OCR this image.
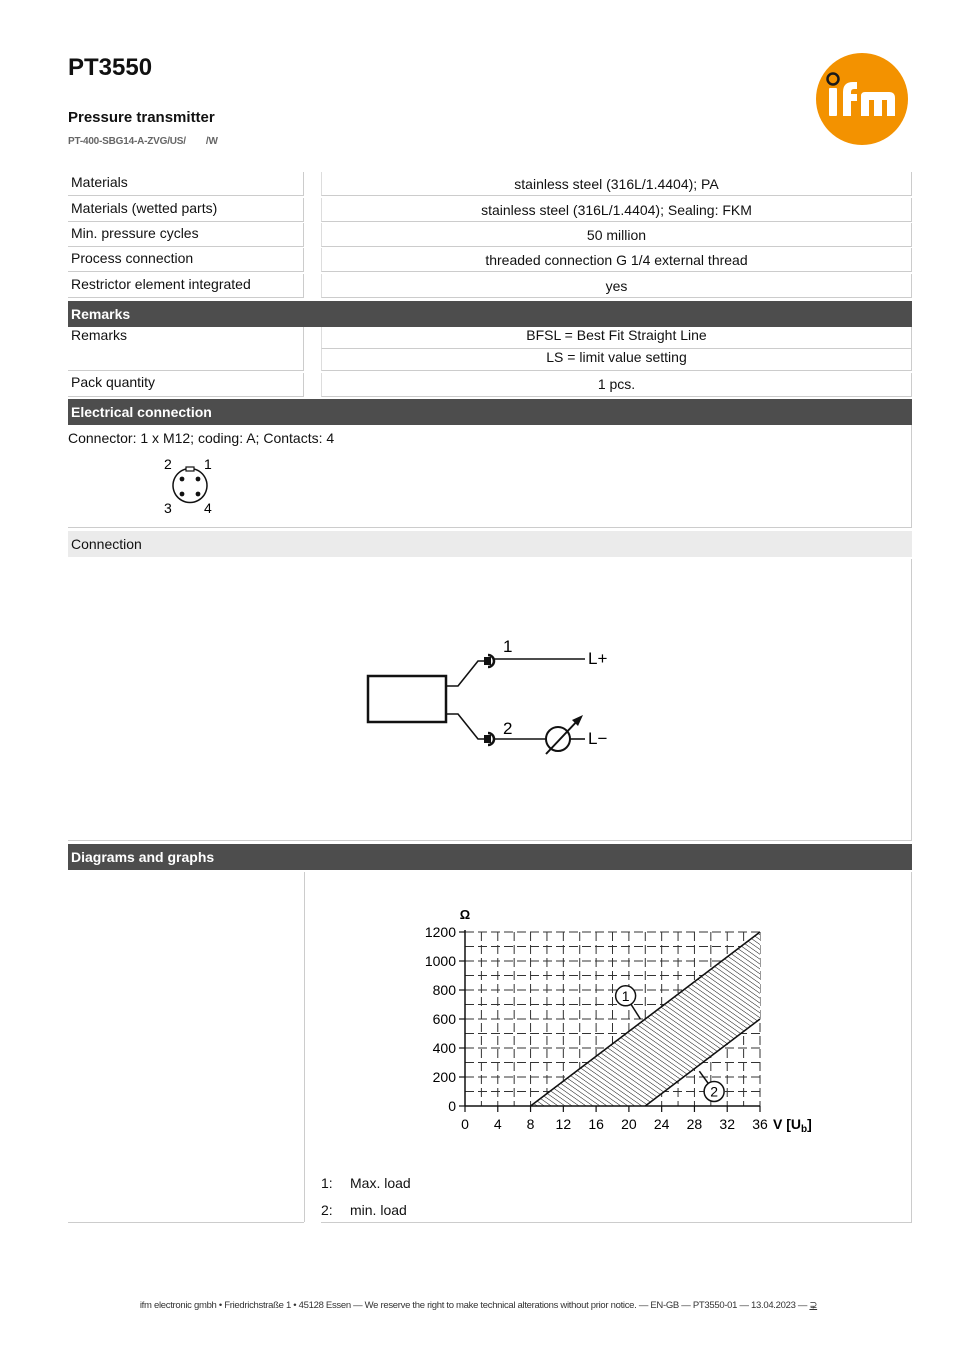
PT3550
Pressure transmitter
PT-400-SBG14-A-ZVG/US/ /W
Materials	stainless steel (316L/1.4404); PA
Materials (wetted parts)	stainless steel (316L/1.4404); Sealing: FKM
Min. pressure cycles	50 million
Process connection	threaded connection G 1/4 external thread
Restrictor element integrated	yes
Remarks
Remarks	BFSL = Best Fit Straight Line
LS = limit value setting
Pack quantity	1 pcs.
Electrical connection
Connector: 1 x M12; coding: A; Contacts: 4
2 1
3 4
Connection
1
2
L+
L−
Diagrams and graphs
0 4 8 12 16 20 24 28 32 36
0
200
400
600
800
1000
1200
Ω
V $[U_b]$
1
2
1: Max. load
2: min. load
ifm electronic gmbh • Friedrichstraße 1 • 45128 Essen — We reserve the right to make technical alterations without prior notice. — EN-GB — PT3550-01 — 13.04.2023 — ⊋
